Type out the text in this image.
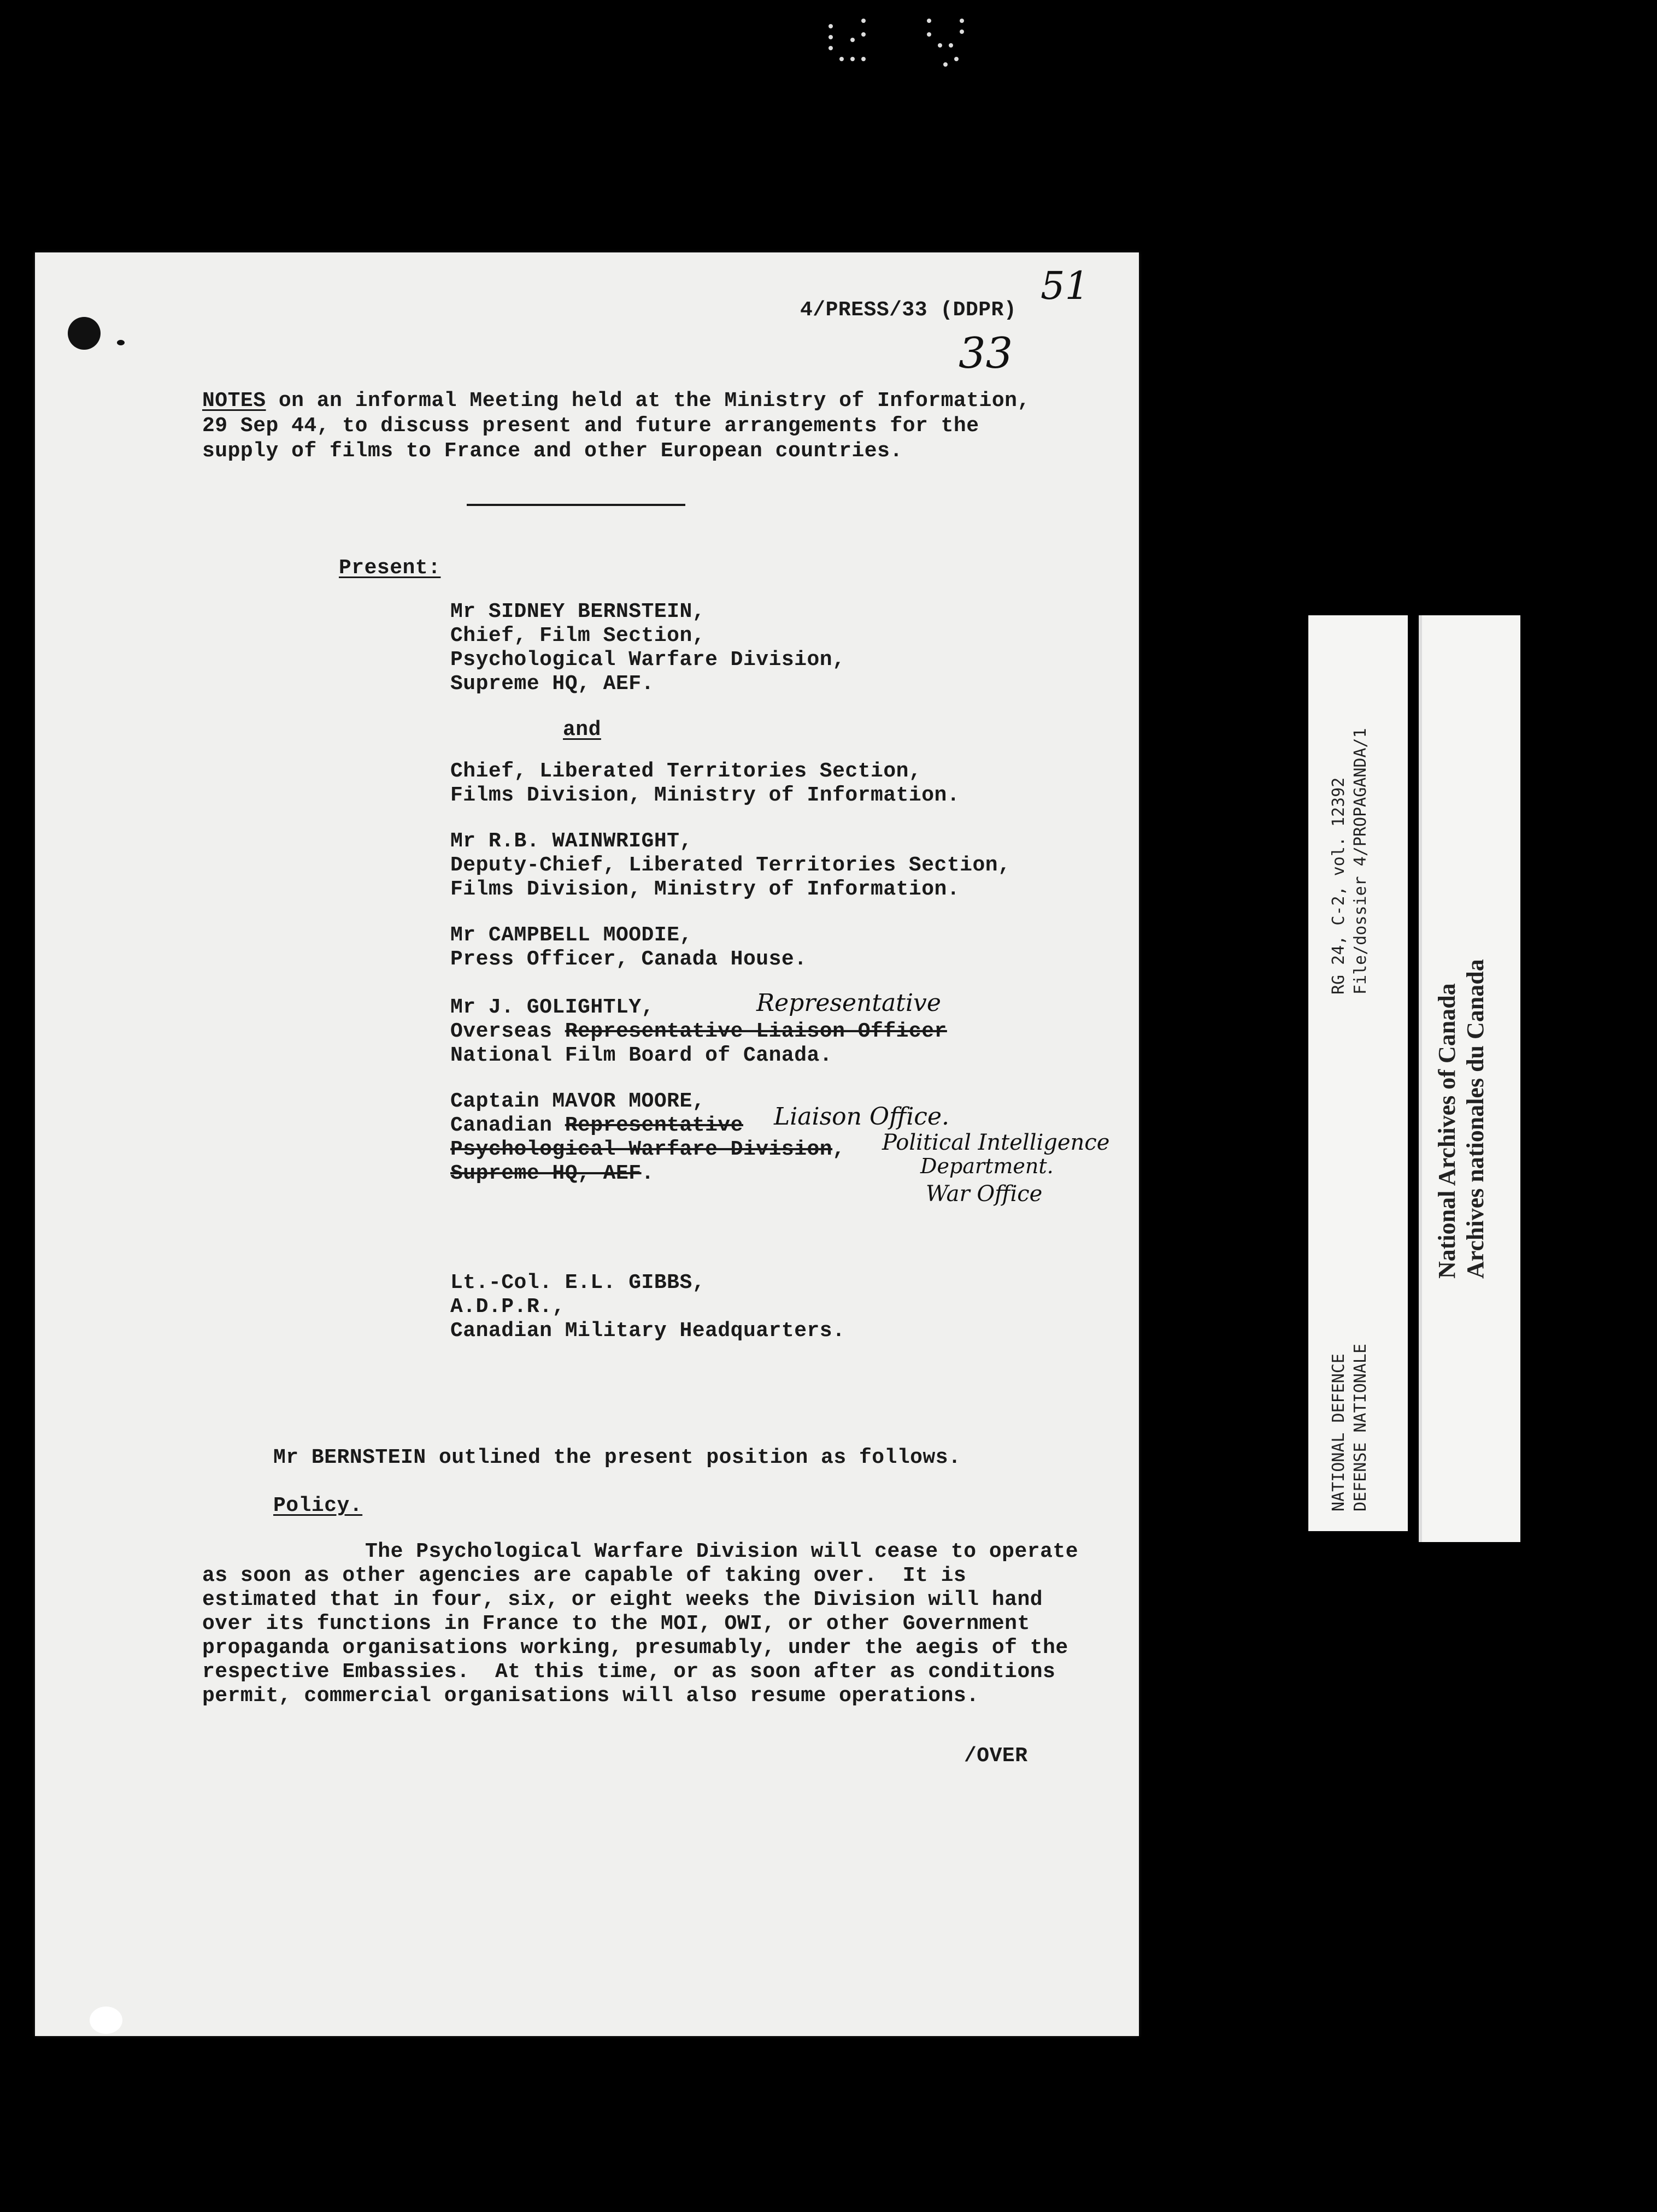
4/PRESS/33 (DDPR)
33
51
NOTES on an informal Meeting held at the Ministry of Information,
29 Sep 44, to discuss present and future arrangements for the
supply of films to France and other European countries.
Present:
Mr SIDNEY BERNSTEIN,
Chief, Film Section,
Psychological Warfare Division,
Supreme HQ, AEF.
and
Chief, Liberated Territories Section,
Films Division, Ministry of Information.
Mr R.B. WAINWRIGHT,
Deputy-Chief, Liberated Territories Section,
Films Division, Ministry of Information.
Mr CAMPBELL MOODIE,
Press Officer, Canada House.
Mr J. GOLIGHTLY,
Overseas Representative Liaison Officer
Representative
National Film Board of Canada.
Captain MAVOR MOORE,
Canadian Representative
Psychological Warfare Division,
Supreme HQ, AEF.
Liaison Office.
Political Intelligence
Department.
War Office
Lt.-Col. E.L. GIBBS,
A.D.P.R.,
Canadian Military Headquarters.
Mr BERNSTEIN outlined the present position as follows.
Policy.
The Psychological Warfare Division will cease to operate
as soon as other agencies are capable of taking over.  It is
estimated that in four, six, or eight weeks the Division will hand
over its functions in France to the MOI, OWI, or other Government
propaganda organisations working, presumably, under the aegis of the
respective Embassies.  At this time, or as soon after as conditions
permit, commercial organisations will also resume operations.
/OVER
RG 24, C-2, vol. 12392 File/dossier 4/PROPAGANDA/1
NATIONAL DEFENCE DEFENSE NATIONALE
National Archives of Canada Archives nationales du Canada
